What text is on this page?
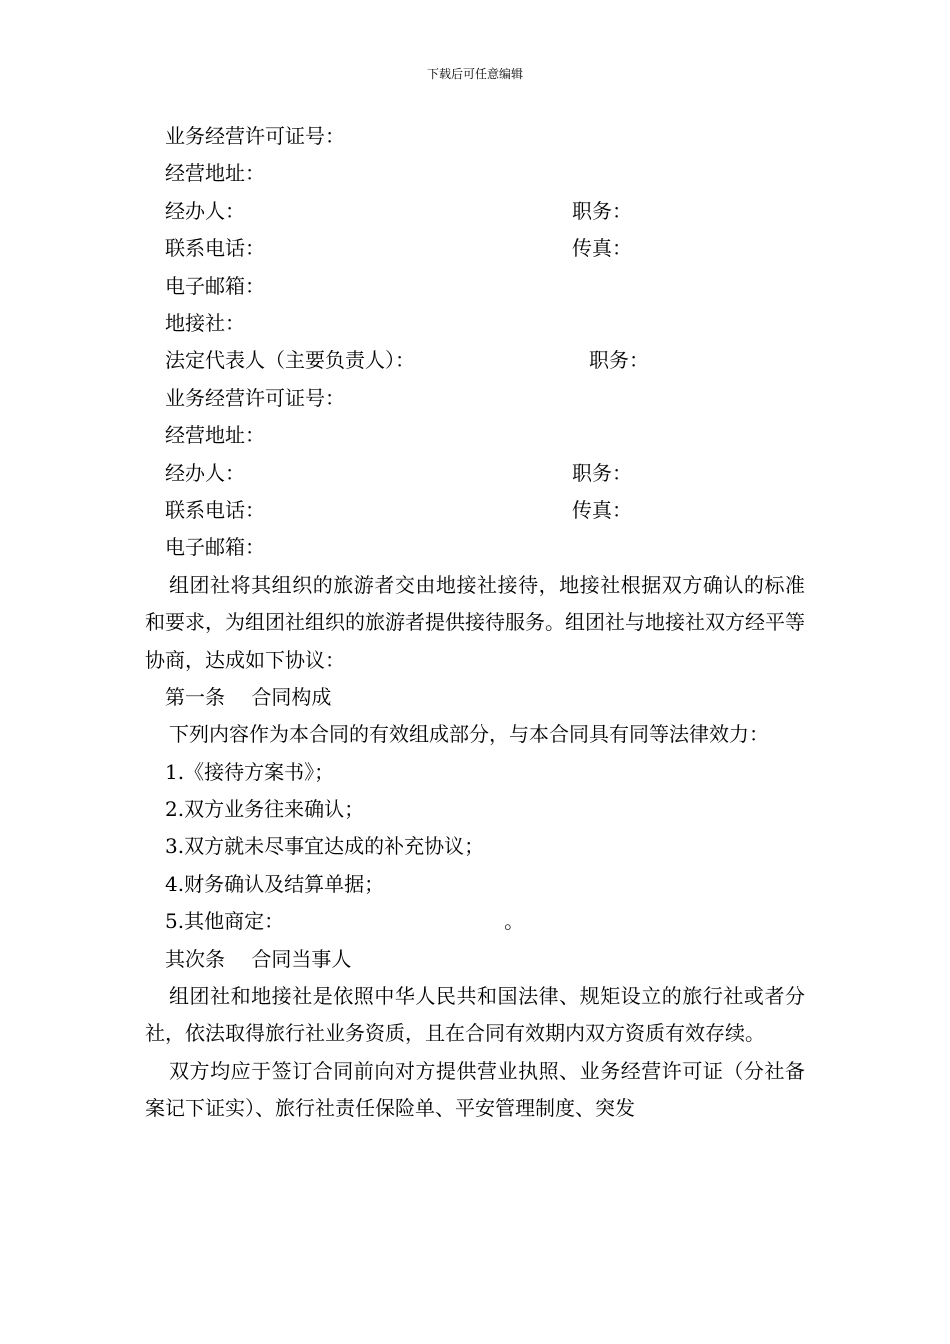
下载后可任意编辑
业务经营许可证号：
经营地址：
经办人：	职务：
联系电话：	传真：
电子邮箱：
地接社：
法定代表人（主要负责人）：	职务：
业务经营许可证号：
经营地址：
经办人：	职务：
联系电话：	传真：
电子邮箱：
组团社将其组织的旅游者交由地接社接待，地接社根据双方确认的标准和要求，为组团社组织的旅游者提供接待服务。组团社与地接社双方经平等协商，达成如下协议：
第一条　 合同构成
下列内容作为本合同的有效组成部分，与本合同具有同等法律效力：
1.《接待方案书》；
2.双方业务往来确认；
3.双方就未尽事宜达成的补充协议；
4.财务确认及结算单据；
5.其他商定：	。
其次条　 合同当事人
组团社和地接社是依照中华人民共和国法律、规矩设立的旅行社或者分社，依法取得旅行社业务资质，且在合同有效期内双方资质有效存续。
双方均应于签订合同前向对方提供营业执照、业务经营许可证（分社备案记下证实）、旅行社责任保险单、平安管理制度、突发
